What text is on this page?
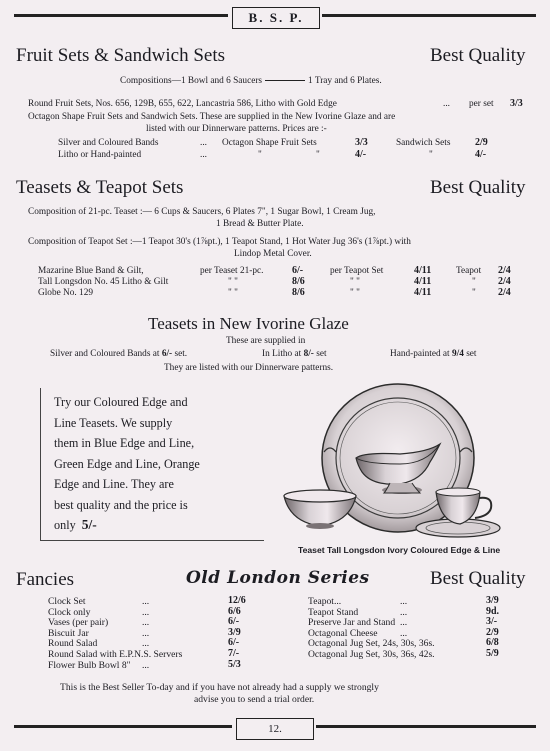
B. S. P.
Fruit Sets & Sandwich Sets	Best Quality
Compositions—1 Bowl and 6 Saucers	1 Tray and 6 Plates.
Round Fruit Sets, Nos. 656, 129B, 655, 622, Lancastria 586, Litho with Gold Edge	... per set 3/3
Octagon Shape Fruit Sets and Sandwich Sets. These are supplied in the New Ivorine Glaze and are
listed with our Dinnerware patterns. Prices are :-
Silver and Coloured Bands	... Octagon Shape Fruit Sets	3/3	Sandwich Sets 2/9
Litho or Hand-painted	...	"	"	4/-	"	4/-
Teasets & Teapot Sets	Best Quality
Composition of 21-pc. Teaset :— 6 Cups & Saucers, 6 Plates 7", 1 Sugar Bowl, 1 Cream Jug,
1 Bread & Butter Plate.
Composition of Teapot Set :—1 Teapot 30's (1⅞pt.), 1 Teapot Stand, 1 Hot Water Jug 36's (1⅞pt.) with
Lindop Metal Cover.
Mazarine Blue Band & Gilt,	per Teaset 21-pc.	6/-	per Teapot Set	4/11	Teapot 2/4
Tall Longsdon No. 45 Litho & Gilt	" "	8/6	" "	4/11	" 2/4
Globe No. 129	" "	8/6	" "	4/11	" 2/4
Teasets in New Ivorine Glaze
These are supplied in
Silver and Coloured Bands at 6/- set.	In Litho at 8/- set	Hand-painted at 9/4 set
They are listed with our Dinnerware patterns.
Try our Coloured Edge and
Line Teasets. We supply
them in Blue Edge and Line,
Green Edge and Line, Orange
Edge and Line. They are
best quality and the price is
only 5/-
Teaset Tall Longsdon Ivory Coloured Edge & Line
Fancies	Old London Series	Best Quality
Clock Set	...	12/6
Clock only	...	6/6
Vases (per pair)	...	6/-
Biscuit Jar	...	3/9
Round Salad	...	6/-
Round Salad with E.P.N.S. Servers	7/-
Flower Bulb Bowl 8" ...	5/3
Teapot...	...	3/9
Teapot Stand	...	9d.
Preserve Jar and Stand ...	3/-
Octagonal Cheese ...	2/9
Octagonal Jug Set, 24s, 30s, 36s.	6/8
Octagonal Jug Set, 30s, 36s, 42s.	5/9
This is the Best Seller To-day and if you have not already had a supply we strongly
advise you to send a trial order.
12.
